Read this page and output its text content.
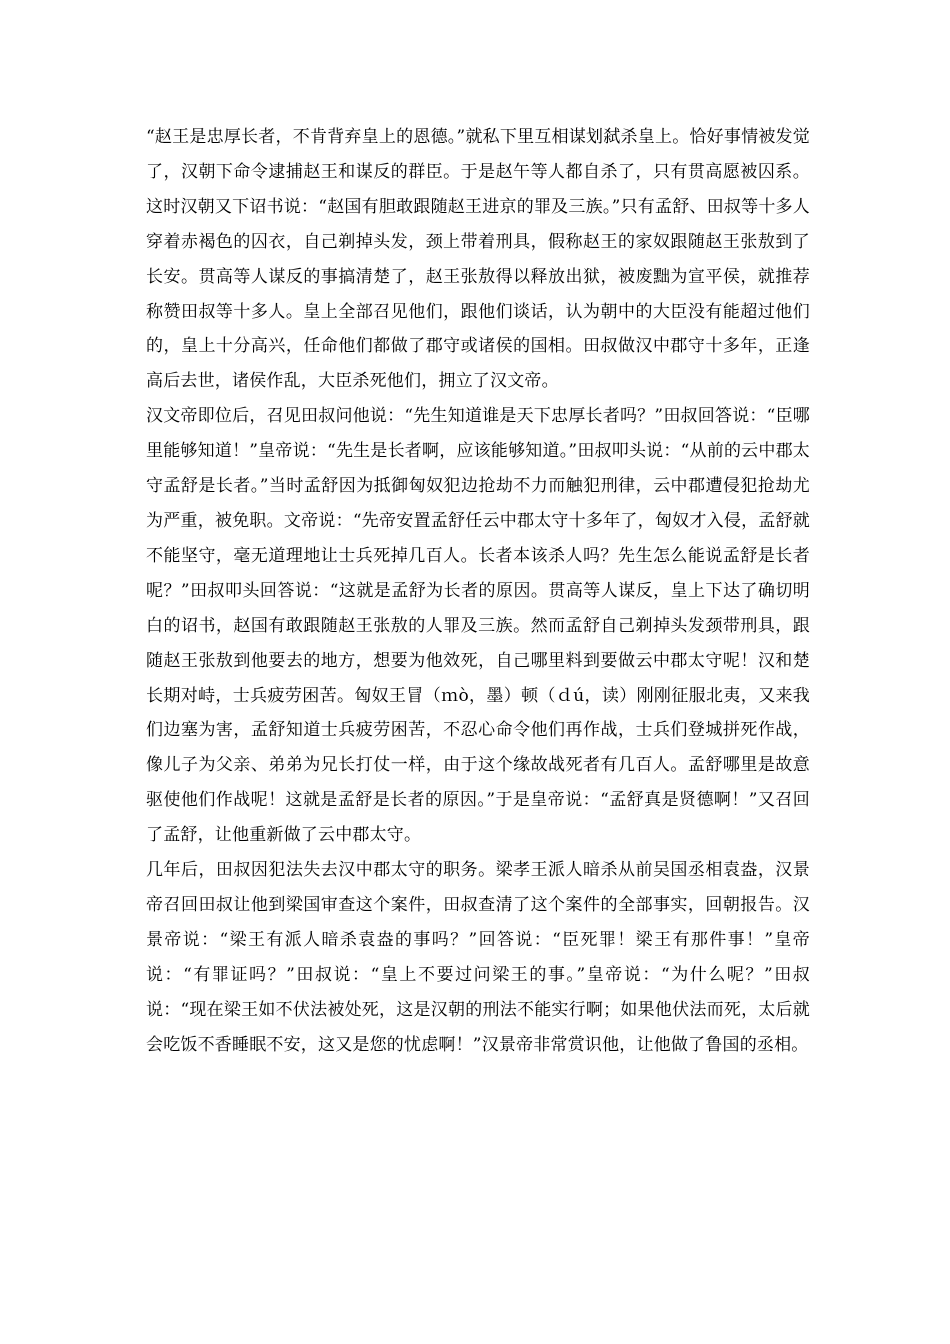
“赵王是忠厚长者，不肯背弃皇上的恩德。”就私下里互相谋划弑杀皇上。恰好事情被发觉了，汉朝下命令逮捕赵王和谋反的群臣。于是赵午等人都自杀了，只有贯高愿被囚系。这时汉朝又下诏书说：“赵国有胆敢跟随赵王进京的罪及三族。”只有孟舒、田叔等十多人穿着赤褐色的囚衣，自己剃掉头发，颈上带着刑具，假称赵王的家奴跟随赵王张敖到了长安。贯高等人谋反的事搞清楚了，赵王张敖得以释放出狱，被废黜为宣平侯，就推荐称赞田叔等十多人。皇上全部召见他们，跟他们谈话，认为朝中的大臣没有能超过他们的，皇上十分高兴，任命他们都做了郡守或诸侯的国相。田叔做汉中郡守十多年，正逢高后去世，诸侯作乱，大臣杀死他们，拥立了汉文帝。

汉文帝即位后，召见田叔问他说：“先生知道谁是天下忠厚长者吗？”田叔回答说：“臣哪里能够知道！”皇帝说：“先生是长者啊，应该能够知道。”田叔叩头说：“从前的云中郡太守孟舒是长者。”当时孟舒因为抵御匈奴犯边抢劫不力而触犯刑律，云中郡遭侵犯抢劫尤为严重，被免职。文帝说：“先帝安置孟舒任云中郡太守十多年了，匈奴才入侵，孟舒就不能坚守，毫无道理地让士兵死掉几百人。长者本该杀人吗？先生怎么能说孟舒是长者呢？”田叔叩头回答说：“这就是孟舒为长者的原因。贯高等人谋反，皇上下达了确切明白的诏书，赵国有敢跟随赵王张敖的人罪及三族。然而孟舒自己剃掉头发颈带刑具，跟随赵王张敖到他要去的地方，想要为他效死，自己哪里料到要做云中郡太守呢！汉和楚长期对峙，士兵疲劳困苦。匈奴王冒（ｍò，墨）顿（ｄú，读）刚刚征服北夷，又来我们边塞为害，孟舒知道士兵疲劳困苦，不忍心命令他们再作战，士兵们登城拼死作战，像儿子为父亲、弟弟为兄长打仗一样，由于这个缘故战死者有几百人。孟舒哪里是故意驱使他们作战呢！这就是孟舒是长者的原因。”于是皇帝说：“孟舒真是贤德啊！”又召回了孟舒，让他重新做了云中郡太守。

几年后，田叔因犯法失去汉中郡太守的职务。梁孝王派人暗杀从前吴国丞相袁盎，汉景帝召回田叔让他到梁国审查这个案件，田叔查清了这个案件的全部事实，回朝报告。汉景帝说：“梁王有派人暗杀袁盎的事吗？”回答说：“臣死罪！梁王有那件事！”皇帝说：“有罪证吗？”田叔说：“皇上不要过问梁王的事。”皇帝说：“为什么呢？”田叔说：“现在梁王如不伏法被处死，这是汉朝的刑法不能实行啊；如果他伏法而死，太后就会吃饭不香睡眠不安，这又是您的忧虑啊！”汉景帝非常赏识他，让他做了鲁国的丞相。
